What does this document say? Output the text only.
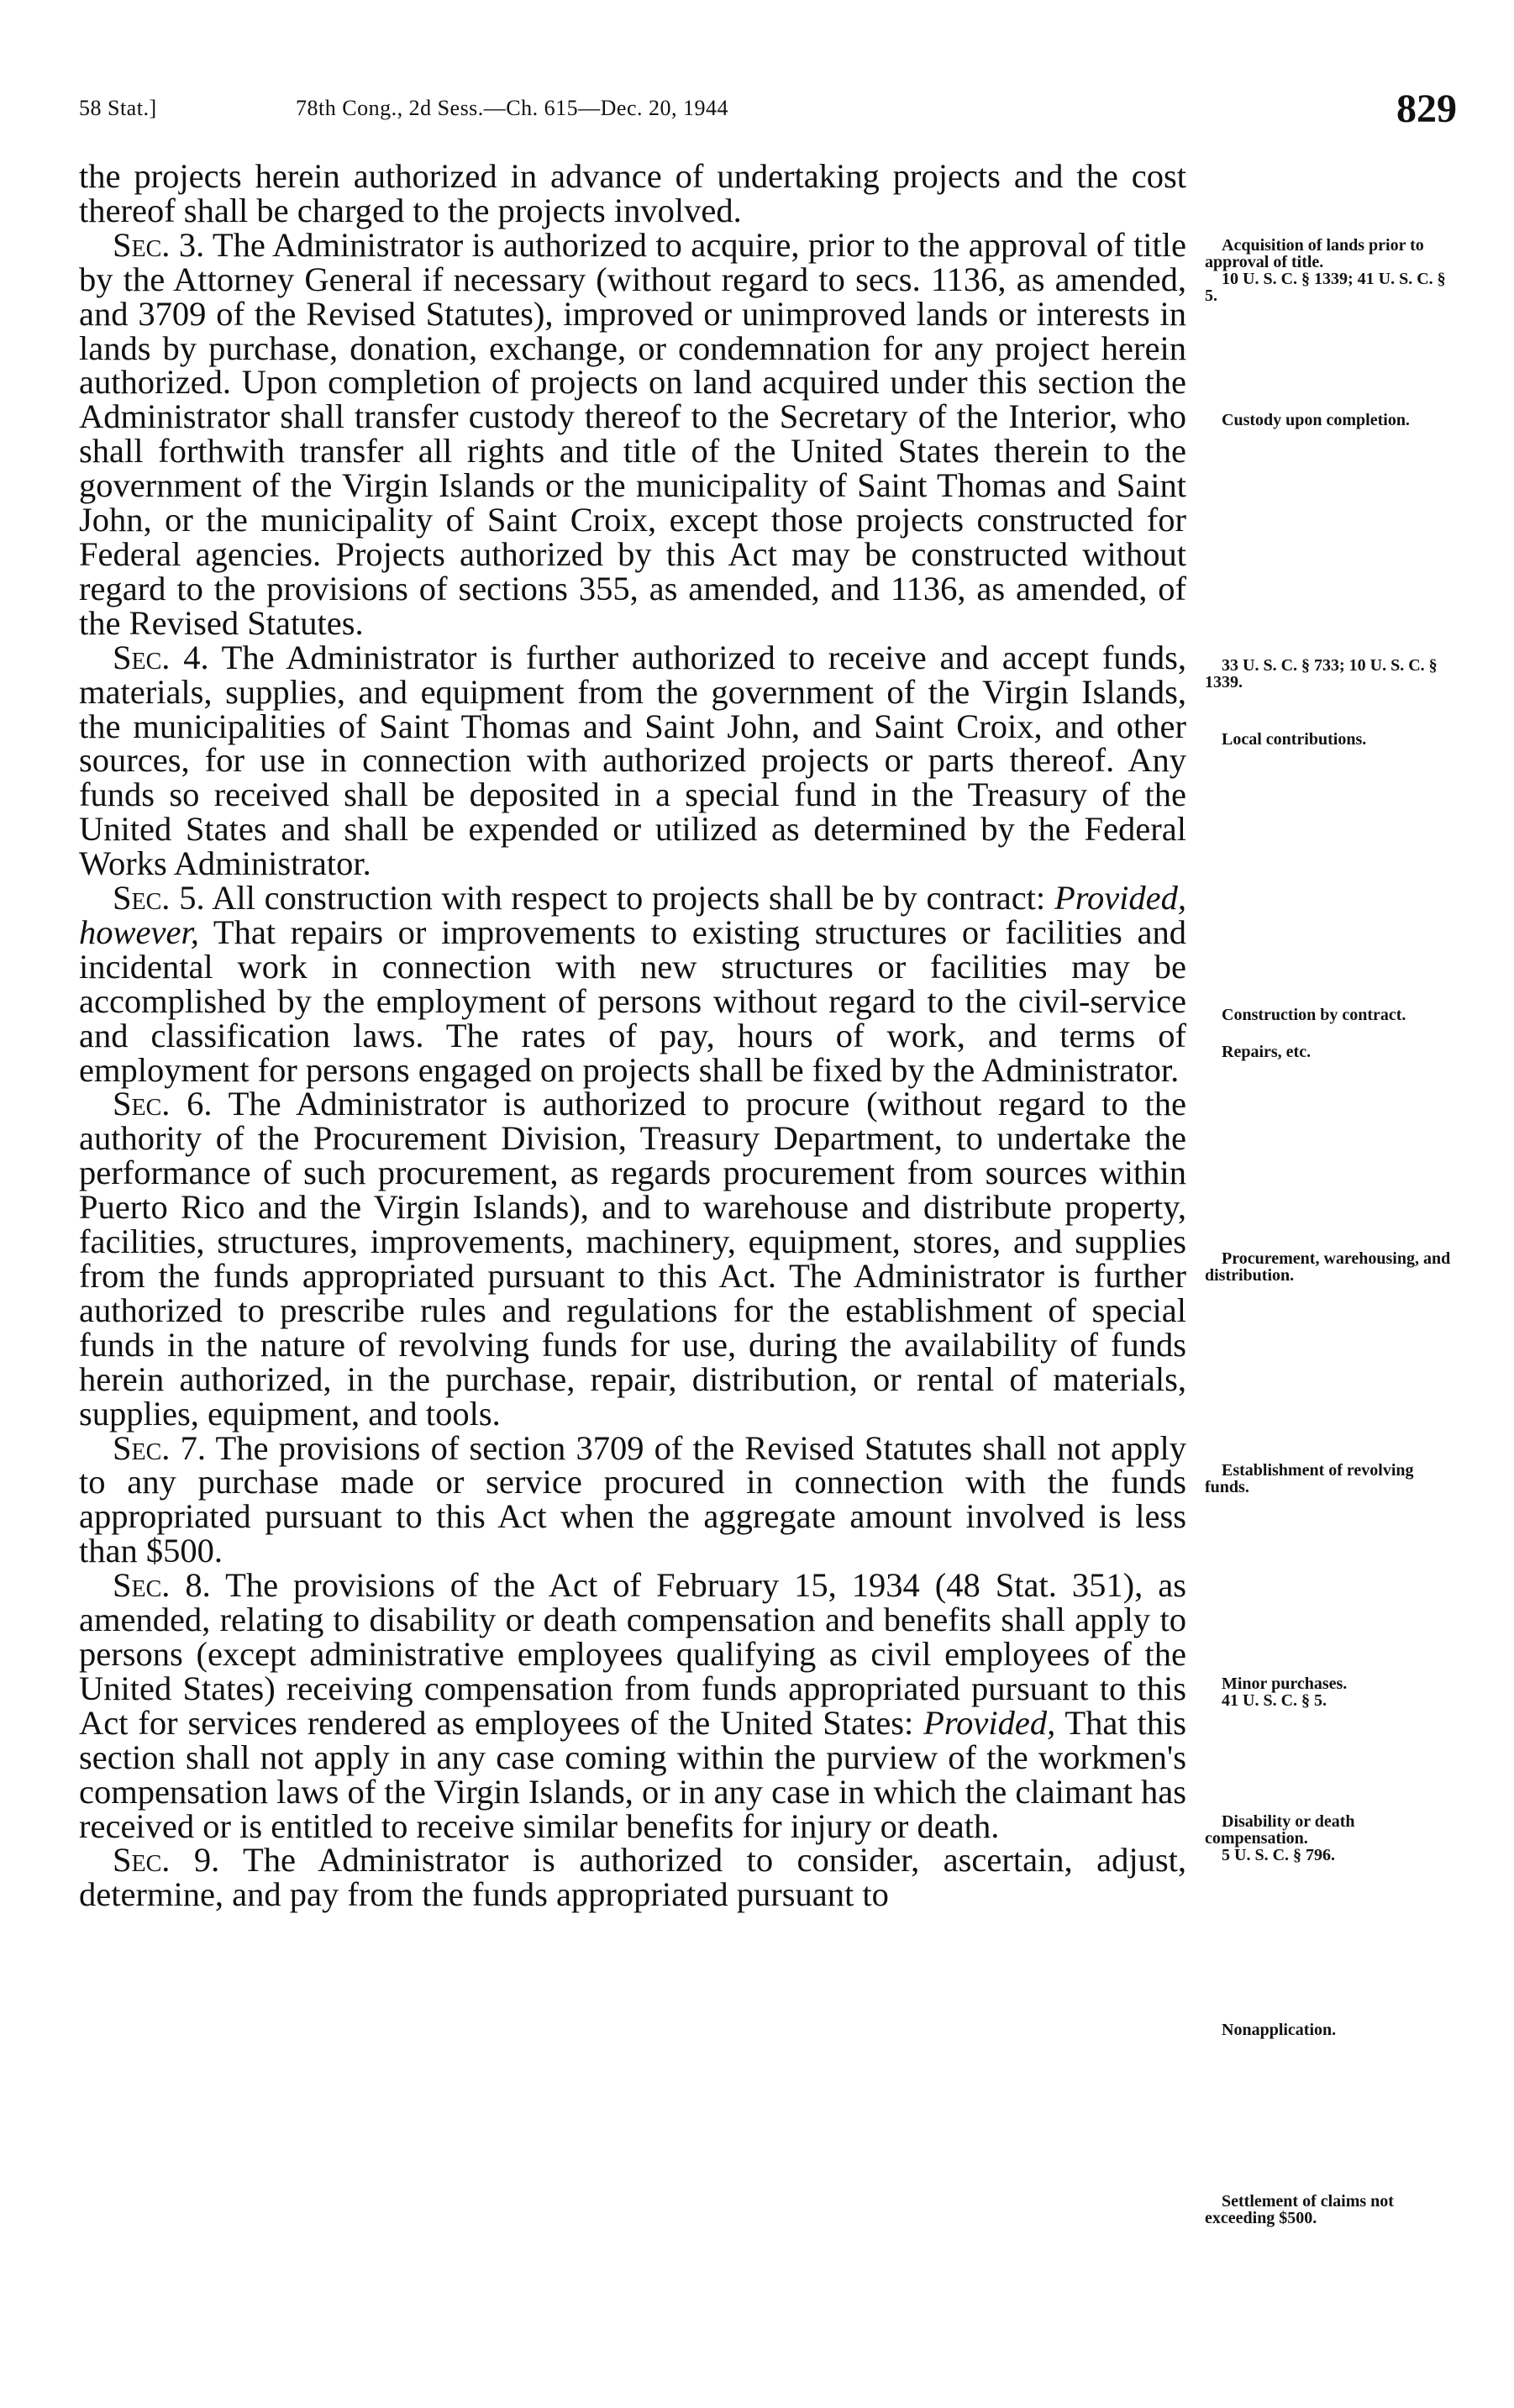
58 Stat.]	78th Cong., 2d Sess.—Ch. 615—Dec. 20, 1944	829

the projects herein authorized in advance of undertaking projects and the cost thereof shall be charged to the projects involved.

Sec. 3. The Administrator is authorized to acquire, prior to the approval of title by the Attorney General if necessary (without regard to secs. 1136, as amended, and 3709 of the Revised Statutes), improved or unimproved lands or interests in lands by purchase, donation, exchange, or condemnation for any project herein authorized. Upon completion of projects on land acquired under this section the Administrator shall transfer custody thereof to the Secretary of the Interior, who shall forthwith transfer all rights and title of the United States therein to the government of the Virgin Islands or the municipality of Saint Thomas and Saint John, or the municipality of Saint Croix, except those projects constructed for Federal agencies. Projects authorized by this Act may be constructed without regard to the provisions of sections 355, as amended, and 1136, as amended, of the Revised Statutes.

Sec. 4. The Administrator is further authorized to receive and accept funds, materials, supplies, and equipment from the government of the Virgin Islands, the municipalities of Saint Thomas and Saint John, and Saint Croix, and other sources, for use in connection with authorized projects or parts thereof. Any funds so received shall be deposited in a special fund in the Treasury of the United States and shall be expended or utilized as determined by the Federal Works Administrator.

Sec. 5. All construction with respect to projects shall be by contract: Provided, however, That repairs or improvements to existing structures or facilities and incidental work in connection with new structures or facilities may be accomplished by the employment of persons without regard to the civil-service and classification laws. The rates of pay, hours of work, and terms of employment for persons engaged on projects shall be fixed by the Administrator.

Sec. 6. The Administrator is authorized to procure (without regard to the authority of the Procurement Division, Treasury Department, to undertake the performance of such procurement, as regards procurement from sources within Puerto Rico and the Virgin Islands), and to warehouse and distribute property, facilities, structures, improvements, machinery, equipment, stores, and supplies from the funds appropriated pursuant to this Act. The Administrator is further authorized to prescribe rules and regulations for the establishment of special funds in the nature of revolving funds for use, during the availability of funds herein authorized, in the purchase, repair, distribution, or rental of materials, supplies, equipment, and tools.

Sec. 7. The provisions of section 3709 of the Revised Statutes shall not apply to any purchase made or service procured in connection with the funds appropriated pursuant to this Act when the aggregate amount involved is less than $500.

Sec. 8. The provisions of the Act of February 15, 1934 (48 Stat. 351), as amended, relating to disability or death compensation and benefits shall apply to persons (except administrative employees qualifying as civil employees of the United States) receiving compensation from funds appropriated pursuant to this Act for services rendered as employees of the United States: Provided, That this section shall not apply in any case coming within the purview of the workmen's compensation laws of the Virgin Islands, or in any case in which the claimant has received or is entitled to receive similar benefits for injury or death.

Sec. 9. The Administrator is authorized to consider, ascertain, adjust, determine, and pay from the funds appropriated pursuant to

Acquisition of lands prior to approval of title.
10 U. S. C. § 1339; 41 U. S. C. § 5.
Custody upon completion.
33 U. S. C. § 733; 10 U. S. C. § 1339.
Local contributions.
Construction by contract.
Repairs, etc.
Procurement, warehousing, and distribution.
Establishment of revolving funds.
Minor purchases.
41 U. S. C. § 5.
Disability or death compensation.
5 U. S. C. § 796.
Nonapplication.
Settlement of claims not exceeding $500.
